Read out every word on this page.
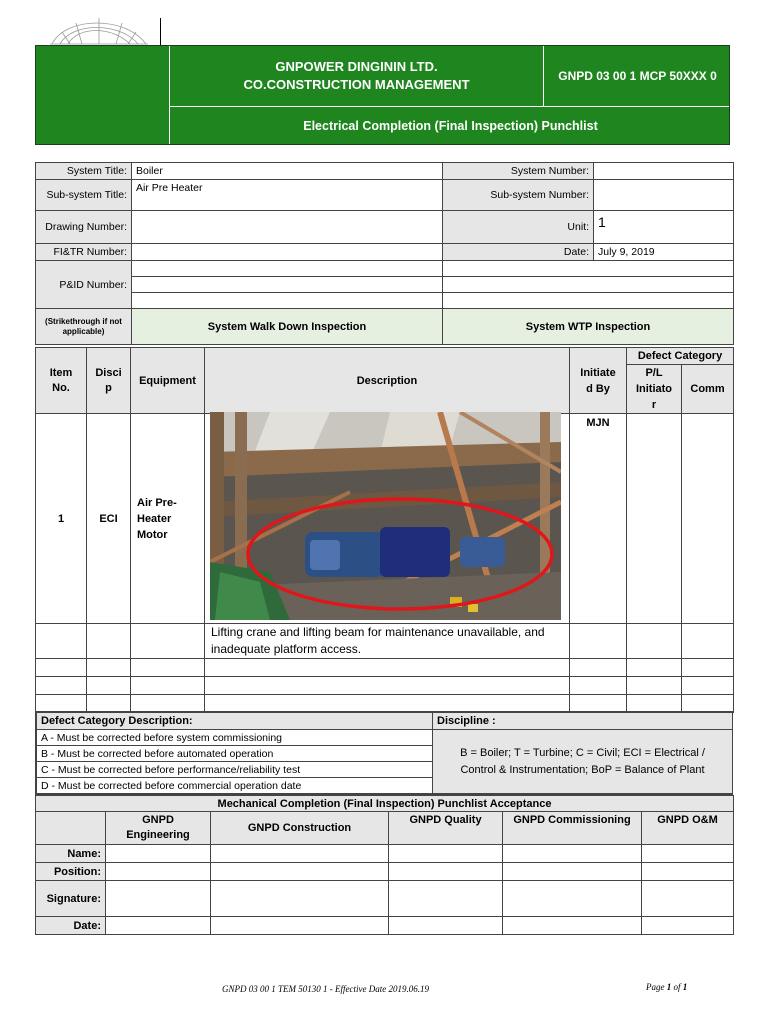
GNPOWER DINGININ LTD. CO.CONSTRUCTION MANAGEMENT
GNPD 03 00 1 MCP 50XXX 0
Electrical Completion (Final Inspection) Punchlist
System Title:	Boiler	System Number:	
Sub-system Title:	Air Pre Heater	Sub-system Number:	
Drawing Number:		Unit:	1
FI&TR Number:		Date:	July 9, 2019
P&ID Number:			

(Strikethrough if not applicable)	System Walk Down Inspection	System WTP Inspection	
Item No.	Disci p	Equipment	Description	Initiate d By	Defect Category	
					P/L Initiato r	Comm
1	ECI	Air Pre- Heater Motor		MJN		
			Lifting crane and lifting beam for maintenance unavailable, and inadequate platform access.			

Defect Category Description:
A - Must be corrected before system commissioning
B - Must be corrected before automated operation
C - Must be corrected before performance/reliability test
D - Must be corrected before commercial operation date
Discipline :
B = Boiler; T = Turbine; C = Civil; ECI = Electrical / Control & Instrumentation; BoP = Balance of Plant
Mechanical Completion (Final Inspection) Punchlist Acceptance					
	GNPD Engineering	GNPD Construction	GNPD Quality	GNPD Commissioning	GNPD O&M
Name:					
Position:					
Signature:					
Date:					
GNPD 03 00 1 TEM 50130 1 - Effective Date 2019.06.19	Page 1 of 1
